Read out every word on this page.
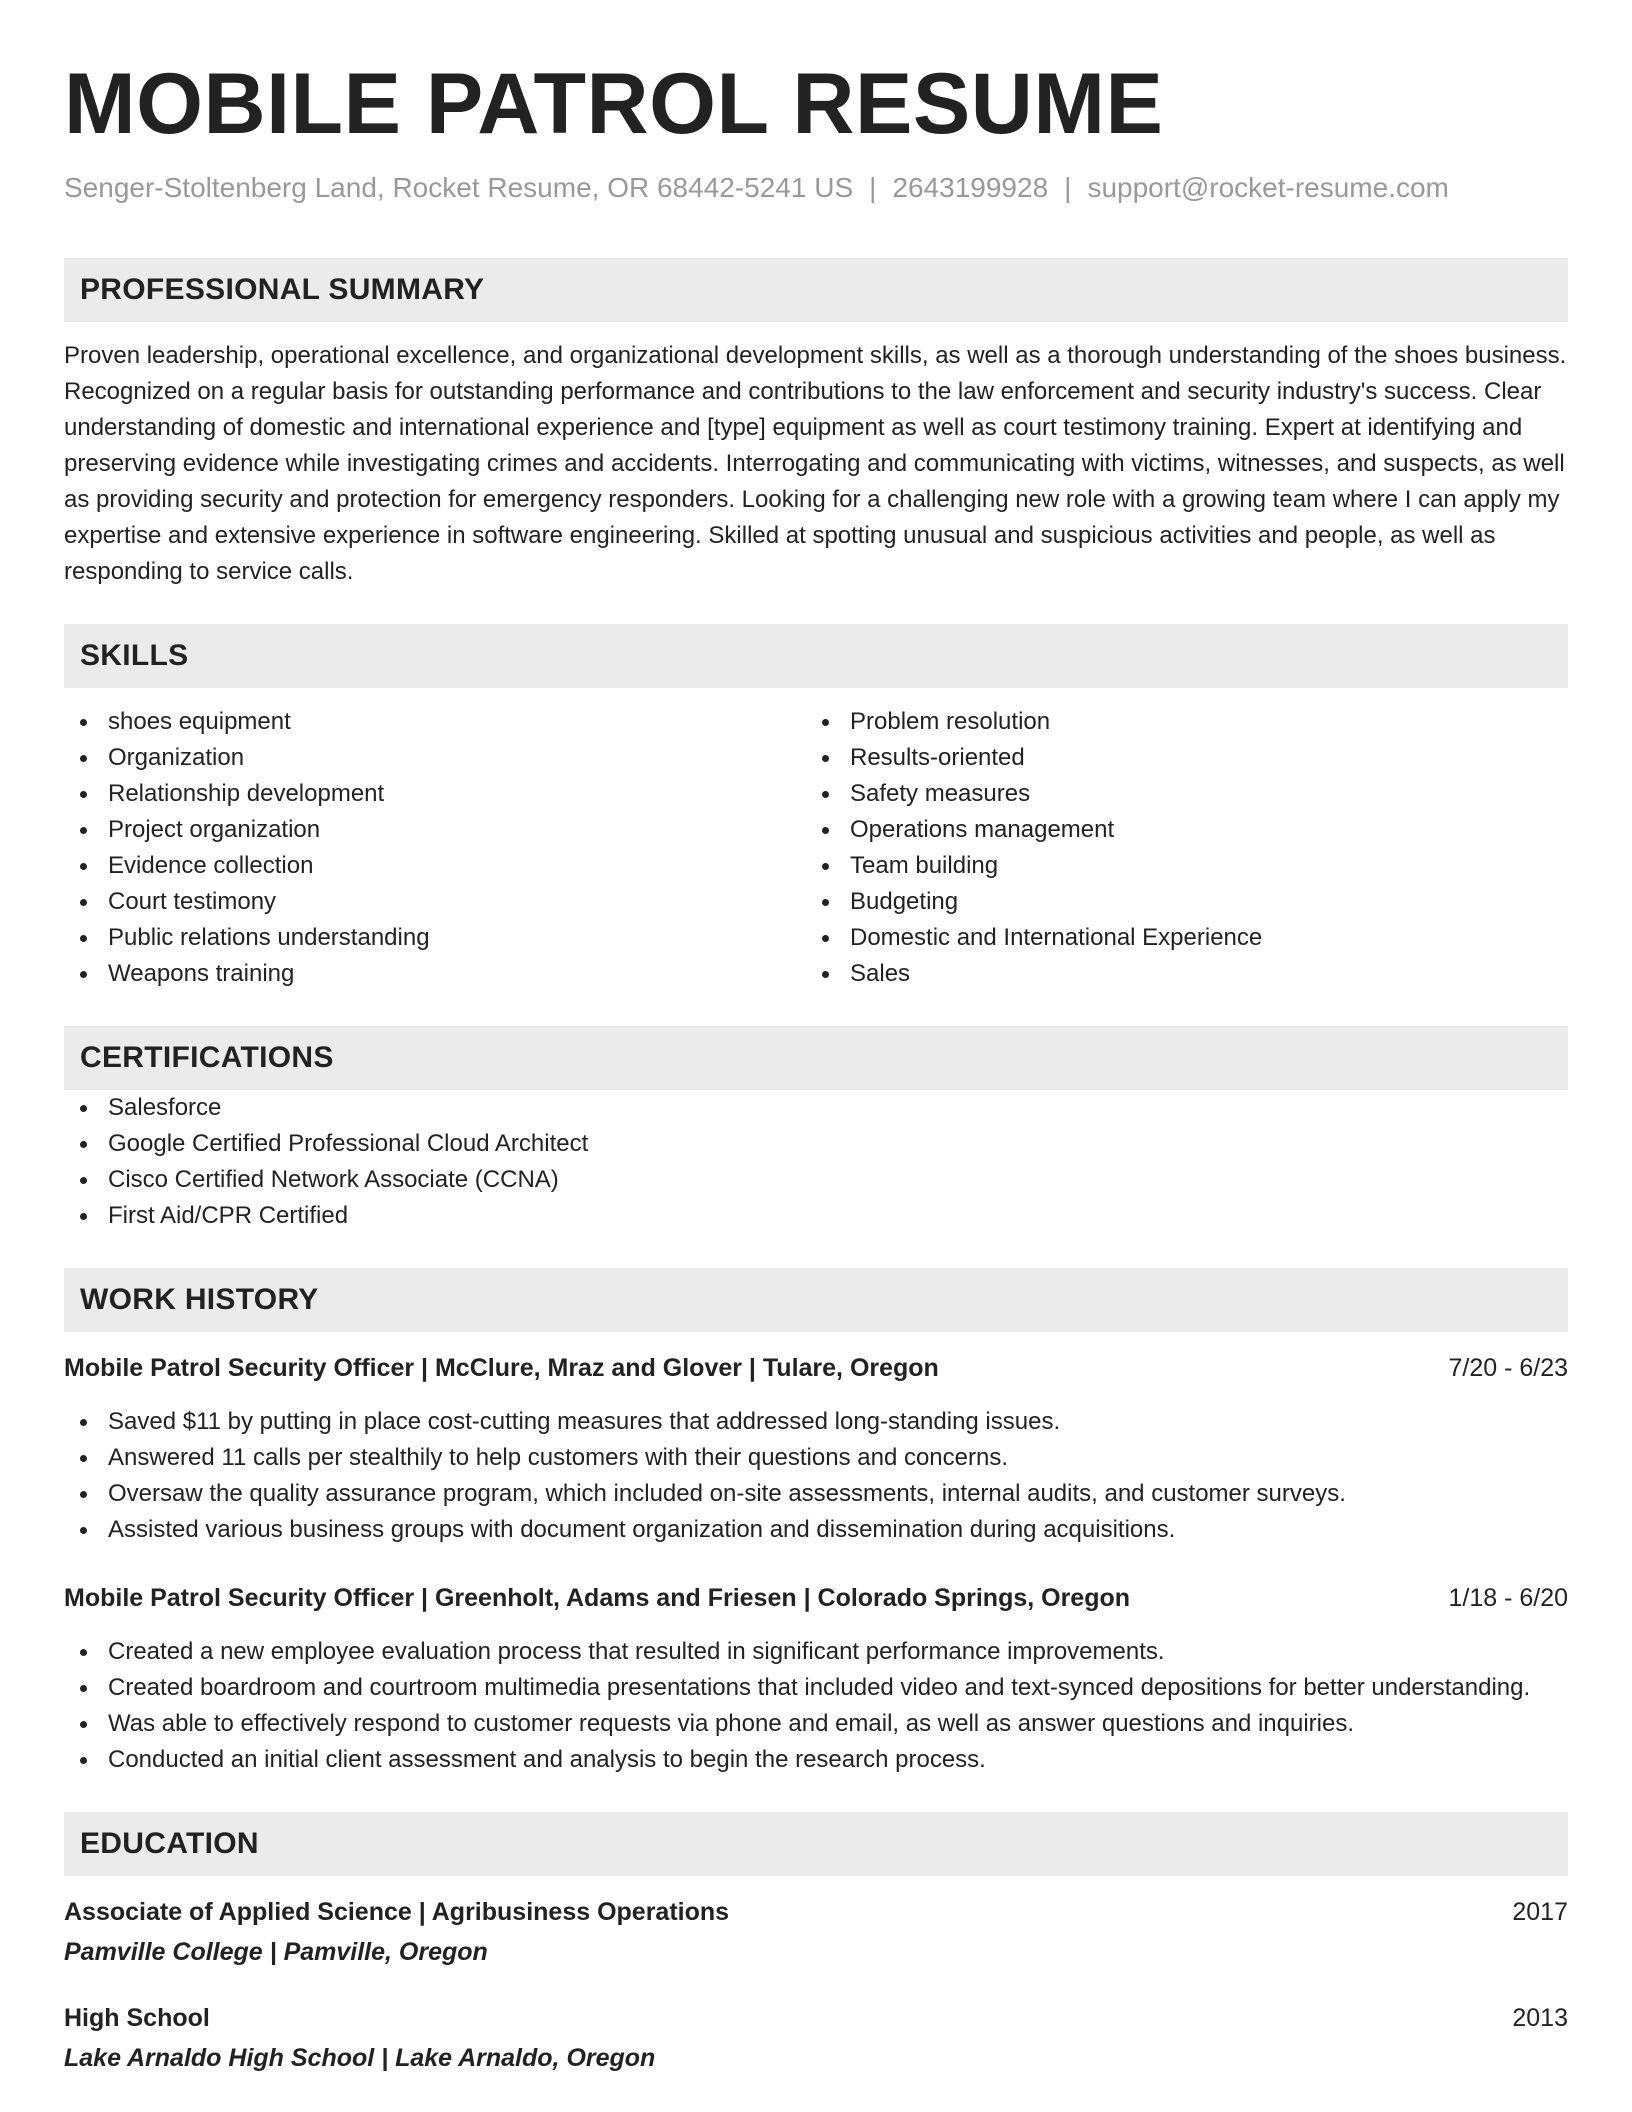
MOBILE PATROL RESUME
Senger-Stoltenberg Land, Rocket Resume, OR 68442-5241 US | 2643199928 | support@rocket-resume.com
PROFESSIONAL SUMMARY

Proven leadership, operational excellence, and organizational development skills, as well as a thorough understanding of the shoes business. Recognized on a regular basis for outstanding performance and contributions to the law enforcement and security industry's success. Clear understanding of domestic and international experience and [type] equipment as well as court testimony training. Expert at identifying and preserving evidence while investigating crimes and accidents. Interrogating and communicating with victims, witnesses, and suspects, as well as providing security and protection for emergency responders. Looking for a challenging new role with a growing team where I can apply my expertise and extensive experience in software engineering. Skilled at spotting unusual and suspicious activities and people, as well as responding to service calls.

SKILLS
shoes equipment
Organization
Relationship development
Project organization
Evidence collection
Court testimony
Public relations understanding
Weapons training
Problem resolution
Results-oriented
Safety measures
Operations management
Team building
Budgeting
Domestic and International Experience
Sales
CERTIFICATIONS
Salesforce
Google Certified Professional Cloud Architect
Cisco Certified Network Associate (CCNA)
First Aid/CPR Certified
WORK HISTORY
Mobile Patrol Security Officer | McClure, Mraz and Glover | Tulare, Oregon	7/20 - 6/23
Saved $11 by putting in place cost-cutting measures that addressed long-standing issues.
Answered 11 calls per stealthily to help customers with their questions and concerns.
Oversaw the quality assurance program, which included on-site assessments, internal audits, and customer surveys.
Assisted various business groups with document organization and dissemination during acquisitions.
Mobile Patrol Security Officer | Greenholt, Adams and Friesen | Colorado Springs, Oregon	1/18 - 6/20
Created a new employee evaluation process that resulted in significant performance improvements.
Created boardroom and courtroom multimedia presentations that included video and text-synced depositions for better understanding.
Was able to effectively respond to customer requests via phone and email, as well as answer questions and inquiries.
Conducted an initial client assessment and analysis to begin the research process.
EDUCATION
Associate of Applied Science | Agribusiness Operations	2017
Pamville College | Pamville, Oregon
High School	2013
Lake Arnaldo High School | Lake Arnaldo, Oregon
